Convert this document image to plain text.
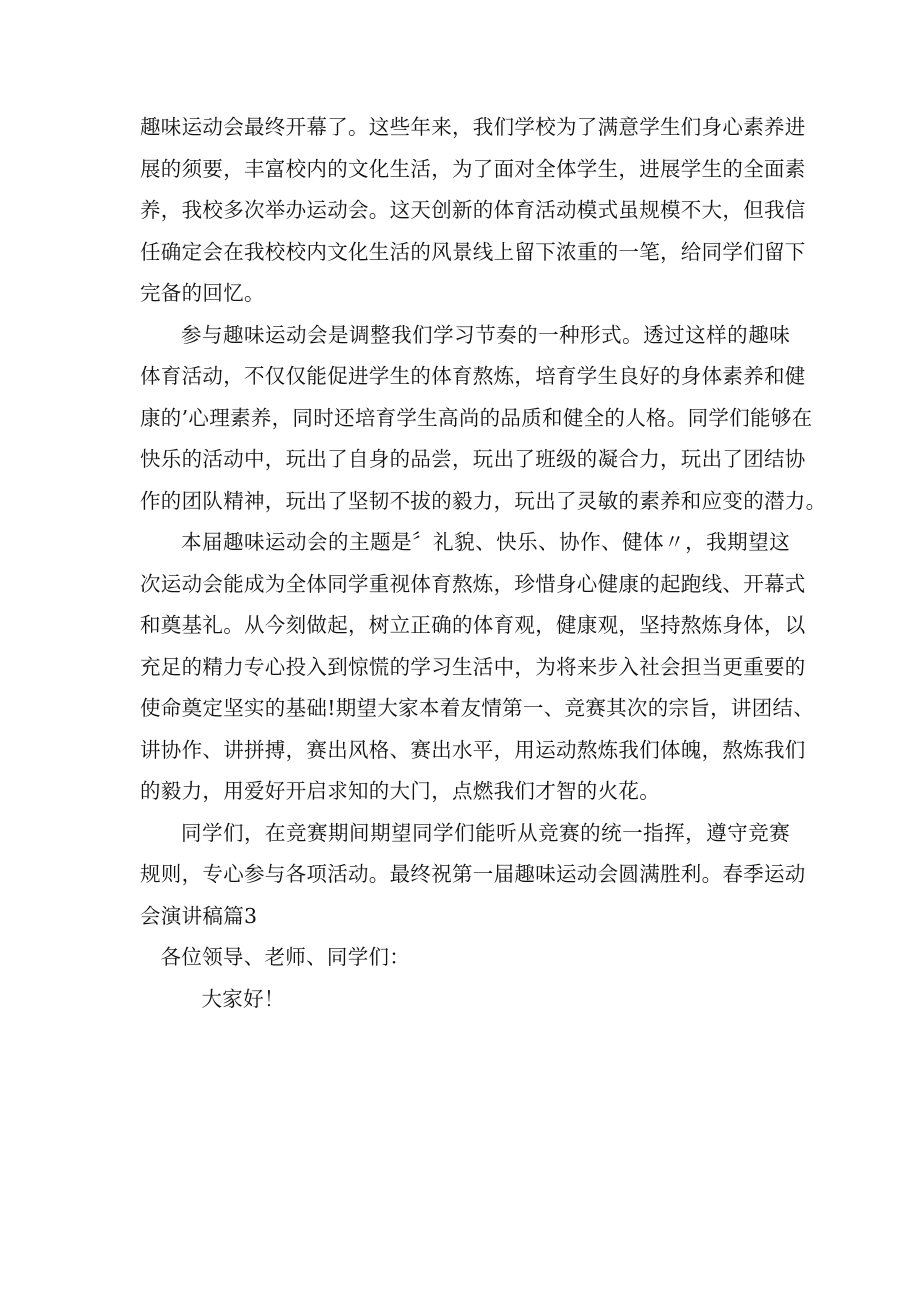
趣味运动会最终开幕了。这些年来，我们学校为了满意学生们身心素养进
展的须要，丰富校内的文化生活，为了面对全体学生，进展学生的全面素
养，我校多次举办运动会。这天创新的体育活动模式虽规模不大，但我信
任确定会在我校校内文化生活的风景线上留下浓重的一笔，给同学们留下
完备的回忆。
参与趣味运动会是调整我们学习节奏的一种形式。透过这样的趣味
体育活动，不仅仅能促进学生的体育熬炼，培育学生良好的身体素养和健
康的’心理素养，同时还培育学生高尚的品质和健全的人格。同学们能够在
快乐的活动中，玩出了自身的品尝，玩出了班级的凝合力，玩出了团结协
作的团队精神，玩出了坚韧不拔的毅力，玩出了灵敏的素养和应变的潜力。
本届趣味运动会的主题是〞礼貌、快乐、协作、健体〃，我期望这
次运动会能成为全体同学重视体育熬炼，珍惜身心健康的起跑线、开幕式
和奠基礼。从今刻做起，树立正确的体育观，健康观，坚持熬炼身体，以
充足的精力专心投入到惊慌的学习生活中，为将来步入社会担当更重要的
使命奠定坚实的基础!期望大家本着友情第一、竞赛其次的宗旨，讲团结、
讲协作、讲拼搏，赛出风格、赛出水平，用运动熬炼我们体魄，熬炼我们
的毅力，用爱好开启求知的大门，点燃我们才智的火花。
同学们，在竞赛期间期望同学们能听从竞赛的统一指挥，遵守竞赛
规则，专心参与各项活动。最终祝第一届趣味运动会圆满胜利。春季运动
会演讲稿篇3
各位领导、老师、同学们：
大家好！
